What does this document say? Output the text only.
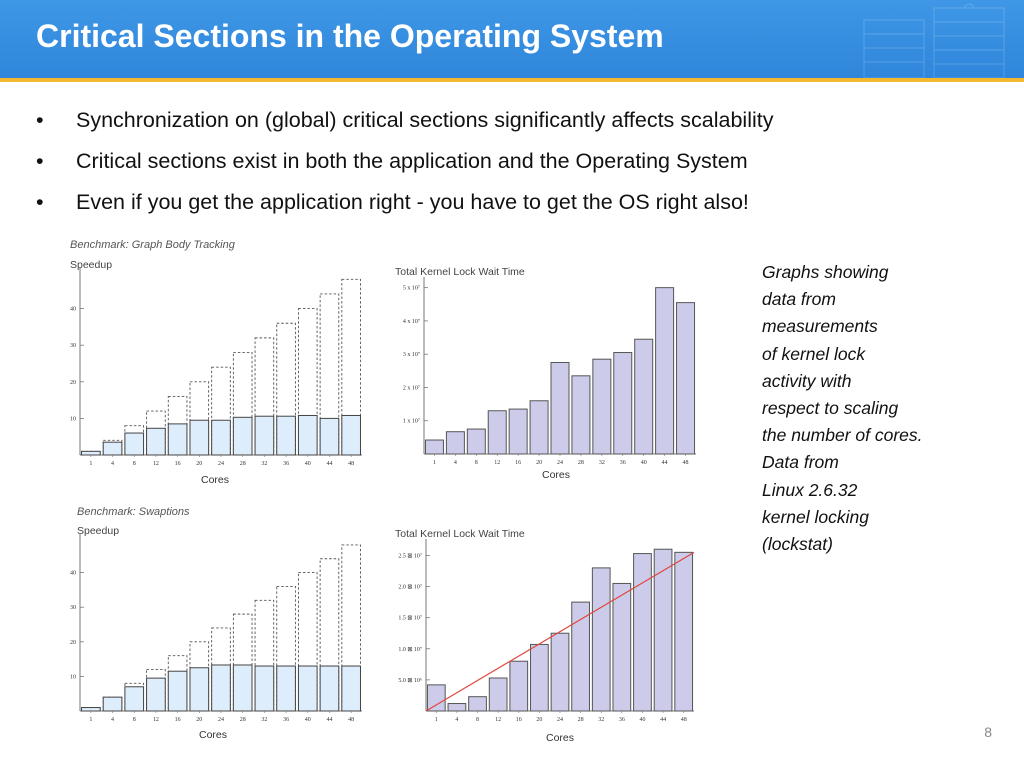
Critical Sections in the Operating System
• Synchronization on (global) critical sections significantly affects scalability
• Critical sections exist in both the application and the Operating System
• Even if you get the application right - you have to get the OS right also!
Benchmark: Graph Body Tracking
Speedup
Cores
10
20
30
40
1	4	8	12	16	20	24	28	32	36	40	44	48
Total Kernel Lock Wait Time
Cores
1 x 10⁷
2 x 10⁷
3 x 10⁷
4 x 10⁷
5 x 10⁷
1	4	8	12 16 20 24 28 32 36 40 44 48
Benchmark: Swaptions
Speedup
Cores
10
20
30
40
1	4	8	12	16	20	24	28	32	36	40	44	48
Total Kernel Lock Wait Time
Cores
5.0 ⊠ 10⁶
1.0 ⊠ 10⁷
1.5 ⊠ 10⁷
2.0 ⊠ 10⁷
2.5 ⊠ 10⁷
1	4	8	12 16 20 24 28 32 36 40 44 48
Graphs showing
data from
measurements
of kernel lock
activity with
respect to scaling
the number of cores.
Data from
Linux 2.6.32
kernel locking
(lockstat)
8
